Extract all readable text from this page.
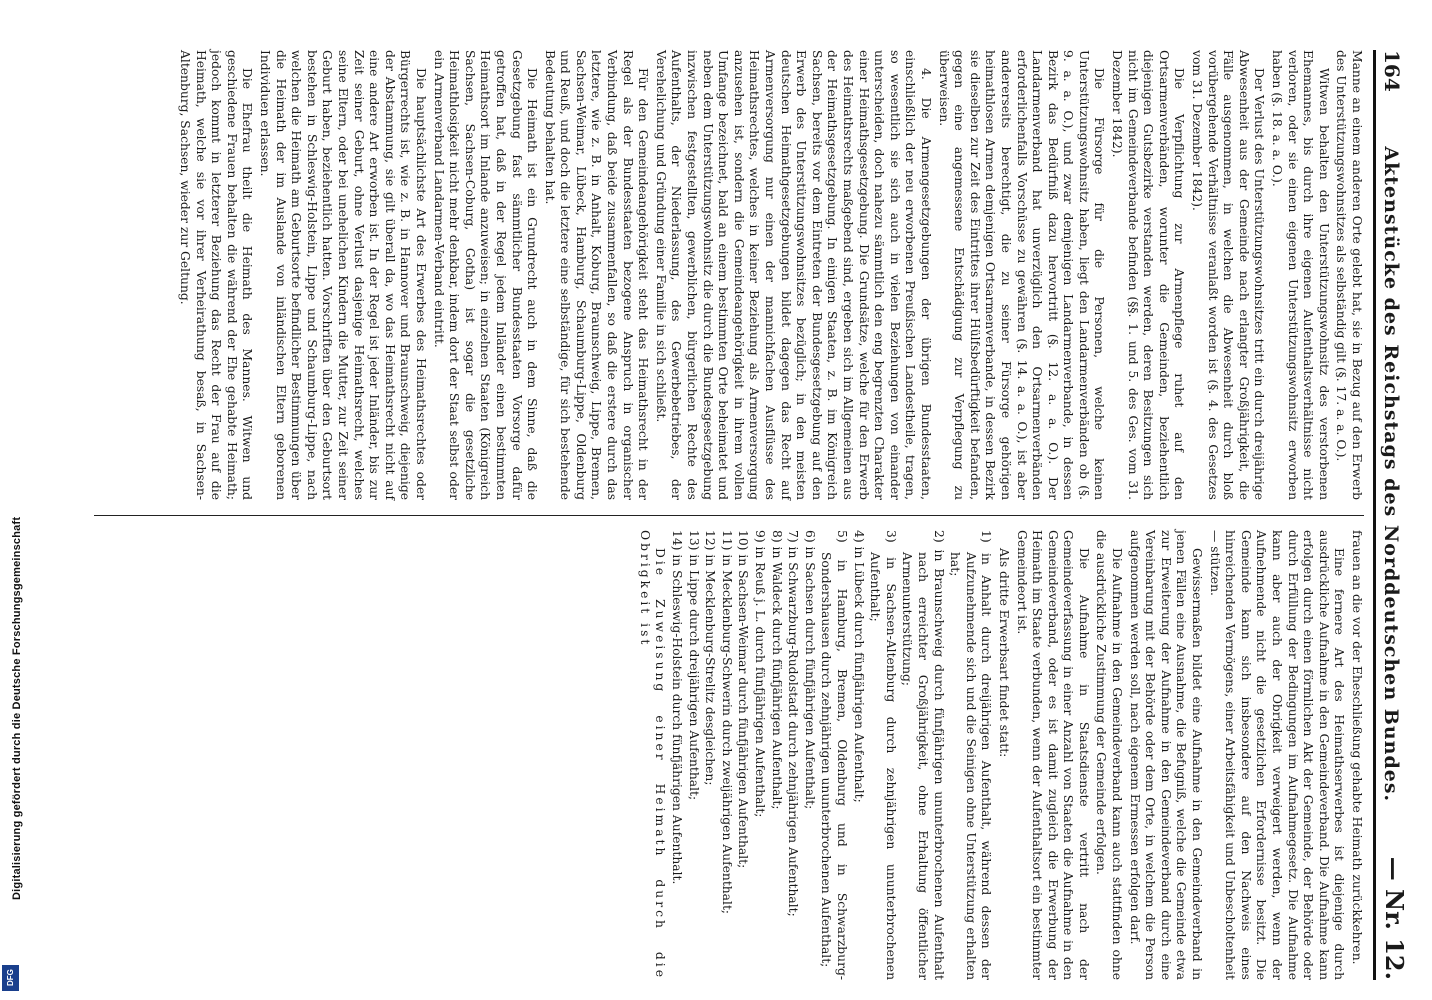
Digitalisierung gefördert durch die Deutsche Forschungsgemeinschaft
DFG
164
Aktenstücke des Reichstags des Norddeutschen Bundes.
— Nr. 12.

Manne an einem anderen Orte gelebt hat, sie in Bezug auf den Erwerb des Unterstützungswohnsitzes als selbständig gilt (§. 17. a. a. O.).

Witwen behalten den Unterstützungswohnsitz des verstorbenen Ehemannes, bis durch ihre eigenen Aufenthaltsverhältnisse nicht verloren, oder sie einen eigenen Unterstützungswohnsitz erworben haben (§. 18. a. a. O.).

Der Verlust des Unterstützungswohnsitzes tritt ein durch dreijährige Abwesenheit aus der Gemeinde nach erlangter Großjährigkeit, die Fälle ausgenommen, in welchen die Abwesenheit durch bloß vorübergehende Verhältnisse veranlaßt worden ist (§. 4. des Gesetzes vom 31. Dezember 1842).

Die Verpflichtung zur Armenpflege ruhet auf den Ortsarmenverbänden, worunter die Gemeinden, beziehentlich diejenigen Gutsbezirke verstanden werden, deren Besitzungen sich nicht im Gemeindeverbande befinden (§§. 1. und 5. des Ges. vom 31. Dezember 1842).

Die Fürsorge für die Personen, welche keinen Unterstützungswohnsitz haben, liegt den Landarmenverbänden ob (§. 9. a. a. O.), und zwar demjenigen Landarmenverbande, in dessen Bezirk das Bedürfniß dazu hervortritt (§. 12. a. a. O.). Der Landarmenverband hat unverzüglich den Ortsarmenverbänden erforderlichenfalls Vorschüsse zu gewähren (§. 14. a. a. O.), ist aber andererseits berechtigt, die zu seiner Fürsorge gehörigen heimathlosen Armen demjenigen Ortsarmenverbande, in dessen Bezirk sie dieselben zur Zeit des Eintrittes ihrer Hülfsbedürftigkeit befanden, gegen eine angemessene Entschädigung zur Verpflegung zu überweisen.

4. Die Armengesetzgebungen der übrigen Bundesstaaten, einschließlich der neu erworbenen Preußischen Landestheile, tragen, so wesentlich sie sich auch in vielen Beziehungen von einander unterscheiden, doch nahezu sämmtlich den eng begrenzten Charakter einer Heimathsgesetzgebung. Die Grundsätze, welche für den Erwerb des Heimathsrechts maßgebend sind, ergeben sich im Allgemeinen aus der Heimathsgesetzgebung. In einigen Staaten, z. B. im Königreich Sachsen, bereits vor dem Eintreten der Bundesgesetzgebung auf den Erwerb des Unterstützungswohnsitzes bezüglich; in den meisten deutschen Heimathgesetzgebungen bildet dagegen das Recht auf Armenversorgung nur einen der mannichfachen Ausflüsse des Heimathsrechtes, welches in keiner Beziehung als Armenversorgung anzusehen ist, sondern die Gemeindeangehörigkeit in ihrem vollen Umfange bezeichnet, bald an einem bestimmten Orte beheimatet und neben dem Unterstützungswohnsitz die durch die Bundesgesetzgebung inzwischen festgestellten, gewerblichen, bürgerlichen Rechte des Aufenthalts, der Niederlassung, des Gewerbebetriebes, der Verehelichung und Gründung einer Familie in sich schließt.

Für den Gemeindeangehörigkeit steht das Heimathsrecht in der Regel als der Bundesstaaten bezogene Anspruch in organischer Verbindung, daß beide zusammenfallen, so daß die erstere durch das letztere, wie z. B. in Anhalt, Koburg, Braunschweig, Lippe, Bremen, Sachsen-Weimar, Lübeck, Hamburg, Schaumburg-Lippe, Oldenburg und Reuß, und doch die letztere eine selbständige, für sich bestehende Bedeutung behalten hat.

Die Heimath ist ein Grundrecht auch in dem Sinne, daß die Gesetzgebung fast sämmtlicher Bundesstaaten Vorsorge dafür getroffen hat, daß in der Regel jedem Inländer einen bestimmten Heimathsort im Inlande anzuweisen; in einzelnen Staaten (Königreich Sachsen, Sachsen-Coburg, Gotha) ist sogar die gesetzliche Heimathlosigkeit nicht mehr denkbar, indem dort der Staat selbst oder ein Armenverband Landarmen-Verband eintritt.

Die hauptsächlichste Art des Erwerbes des Heimathsrechtes oder Bürgerrechts ist, wie z. B. in Hannover und Braunschweig, diejenige der Abstammung, sie gilt überall da, wo das Heimathsrecht nicht auf eine andere Art erworben ist. In der Regel ist jeder Inländer, bis zur Zeit seiner Geburt, ohne Verlust dasjenige Heimathsrecht, welches seine Eltern, oder bei unehelichen Kindern die Mutter, zur Zeit seiner Geburt haben, beziehentlich hatten. Vorschriften über den Geburtsort bestehen in Schleswig-Holstein, Lippe und Schaumburg-Lippe, nach welchen die Heimath am Geburtsorte befindlicher Bestimmungen über die Heimath der im Auslande von inländischen Eltern geborenen Individuen erlassen.

Die Ehefrau theilt die Heimath des Mannes. Witwen und geschiedene Frauen behalten die während der Ehe gehabte Heimath; jedoch kommt in letzterer Beziehung das Recht der Frau auf die Heimath, welche sie vor ihrer Verheirathung besaß, in Sachsen-Altenburg, Sachsen, wieder zur Geltung.

frauen an die vor der Eheschließung gehabte Heimath zurückkehren.

Eine fernere Art des Heimathserwerbes ist diejenige durch ausdrückliche Aufnahme in den Gemeindeverband. Die Aufnahme kann erfolgen durch einen förmlichen Akt der Gemeinde, der Behörde oder durch Erfüllung der Bedingungen im Aufnahmegesetz. Die Aufnahme kann aber auch der Obrigkeit verweigert werden, wenn der Aufnehmende nicht die gesetzlichen Erfordernisse besitzt. Die Gemeinde kann sich insbesondere auf den Nachweis eines hinreichenden Vermögens, einer Arbeitsfähigkeit und Unbescholtenheit — stützen.

Gewissermaßen bildet eine Aufnahme in den Gemeindeverband in jenen Fällen eine Ausnahme, die Befugniß, welche die Gemeinde etwa zur Erweiterung der Aufnahme in den Gemeindeverband durch eine Vereinbarung mit der Behörde oder dem Orte, in welchem die Person aufgenommen werden soll, nach eigenem Ermessen erfolgen darf.

Die Aufnahme in den Gemeindeverband kann auch stattfinden ohne die ausdrückliche Zustimmung der Gemeinde erfolgen.

Die Aufnahme in Staatsdienste vertritt nach der Gemeindeverfassung in einer Anzahl von Staaten die Aufnahme in den Gemeindeverband, oder es ist damit zugleich die Erwerbung der Heimath im Staate verbunden, wenn der Aufenthaltsort ein bestimmter Gemeindeort ist.

Als dritte Erwerbsart findet statt:

1) in Anhalt durch dreijährigen Aufenthalt, während dessen der Aufzunehmende sich und die Seinigen ohne Unterstützung erhalten hat;
2) in Braunschweig durch fünfjährigen ununterbrochenen Aufenthalt nach erreichter Großjährigkeit, ohne Erhaltung öffentlicher Armenunterstützung;
3) in Sachsen-Altenburg durch zehnjährigen ununterbrochenen Aufenthalt;
4) in Lübeck durch fünfjährigen Aufenthalt;
5) in Hamburg, Bremen, Oldenburg und in Schwarzburg-Sondershausen durch zehnjährigen ununterbrochenen Aufenthalt;
6) in Sachsen durch fünfjährigen Aufenthalt;
7) in Schwarzburg-Rudolstadt durch zehnjährigen Aufenthalt;
8) in Waldeck durch fünfjährigen Aufenthalt;
9) in Reuß j. L. durch fünfjährigen Aufenthalt;
10) in Sachsen-Weimar durch fünfjährigen Aufenthalt;
11) in Mecklenburg-Schwerin durch zweijährigen Aufenthalt;
12) in Mecklenburg-Strelitz desgleichen;
13) in Lippe durch dreijährigen Aufenthalt;
14) in Schleswig-Holstein durch fünfjährigen Aufenthalt.

Die Zuweisung einer Heimath durch die Obrigkeit ist
